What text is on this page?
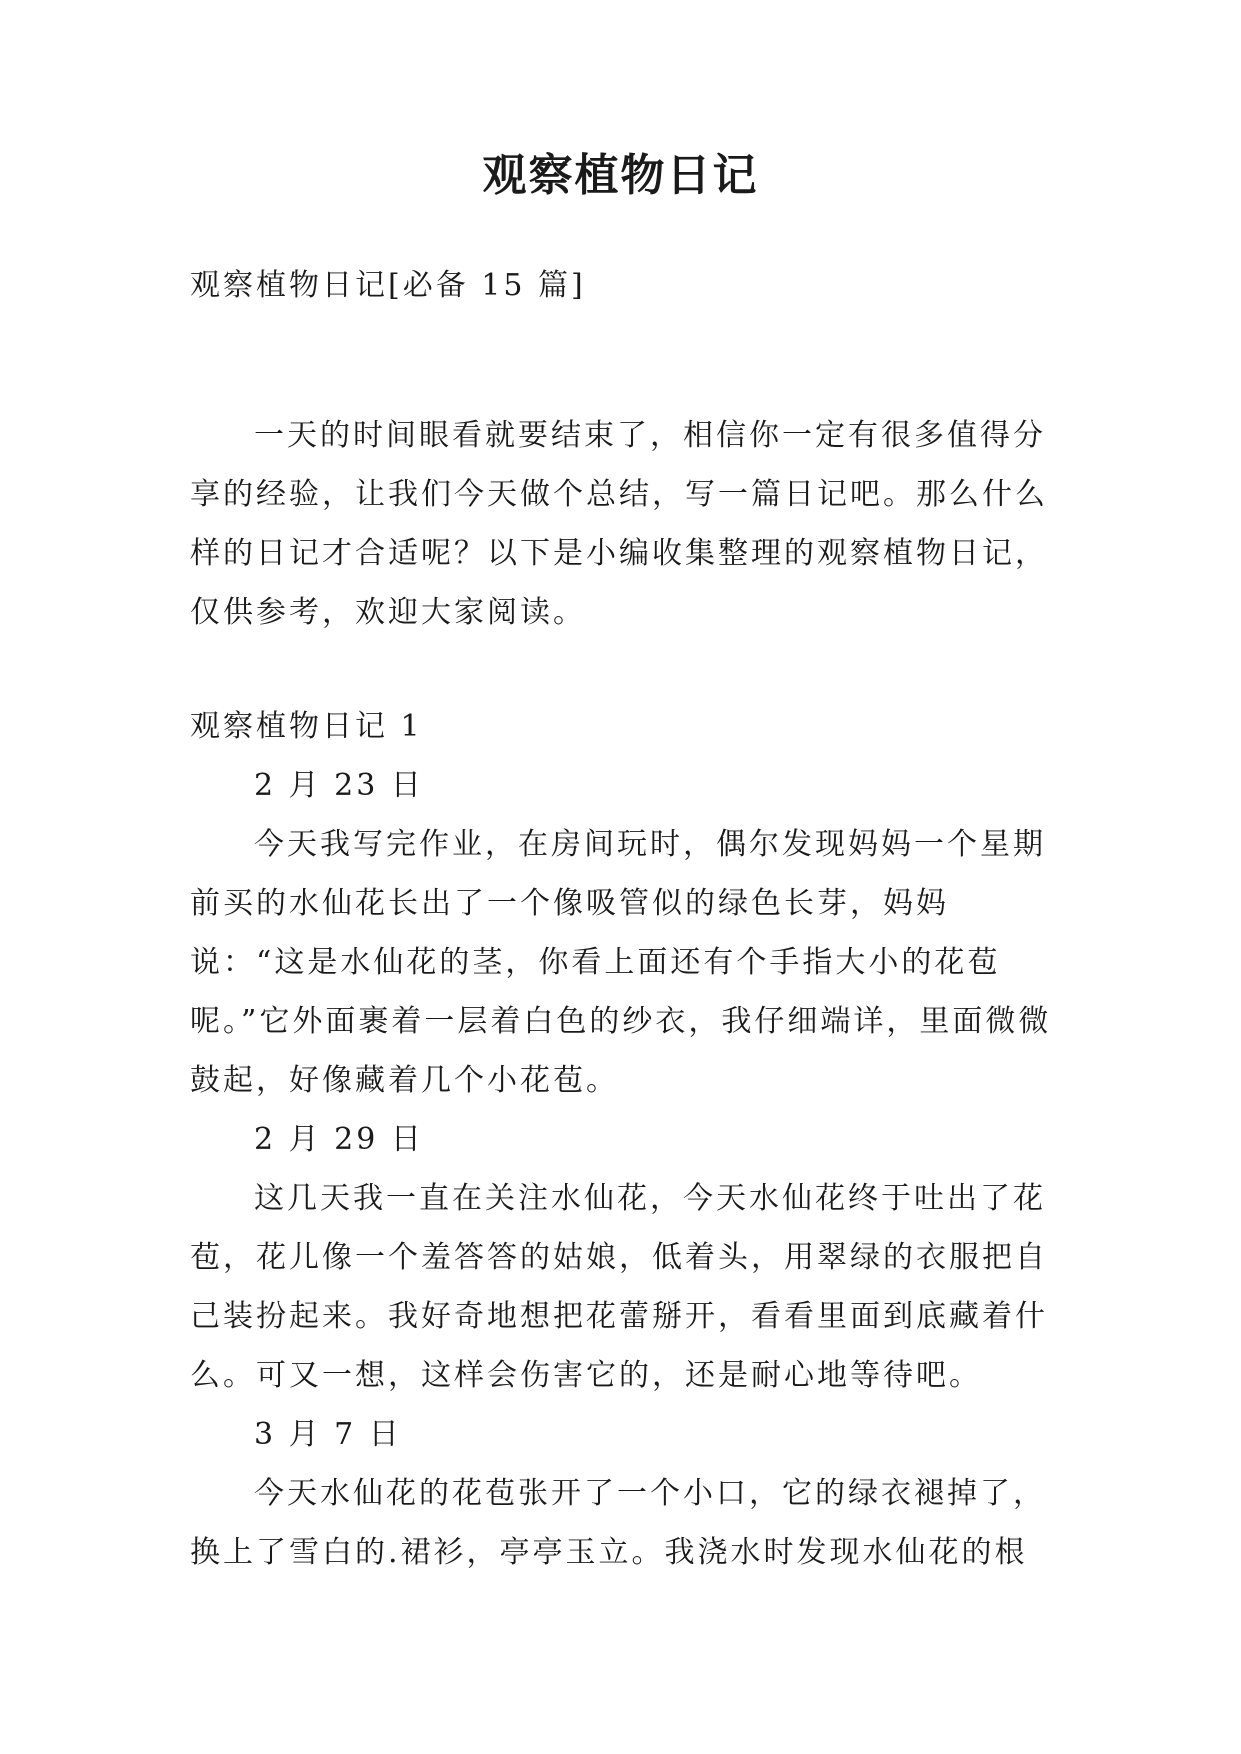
观察植物日记
观察植物日记[必备 15 篇]
一天的时间眼看就要结束了，相信你一定有很多值得分享的经验，让我们今天做个总结，写一篇日记吧。那么什么样的日记才合适呢？以下是小编收集整理的观察植物日记，仅供参考，欢迎大家阅读。
观察植物日记 1

2 月 23 日

今天我写完作业，在房间玩时，偶尔发现妈妈一个星期前买的水仙花长出了一个像吸管似的绿色长芽，妈妈说：“这是水仙花的茎，你看上面还有个手指大小的花苞呢。”它外面裹着一层着白色的纱衣，我仔细端详，里面微微鼓起，好像藏着几个小花苞。

2 月 29 日

这几天我一直在关注水仙花，今天水仙花终于吐出了花苞，花儿像一个羞答答的姑娘，低着头，用翠绿的衣服把自己装扮起来。我好奇地想把花蕾掰开，看看里面到底藏着什么。可又一想，这样会伤害它的，还是耐心地等待吧。

3 月 7 日

今天水仙花的花苞张开了一个小口，它的绿衣褪掉了，换上了雪白的.裙衫，亭亭玉立。我浇水时发现水仙花的根
